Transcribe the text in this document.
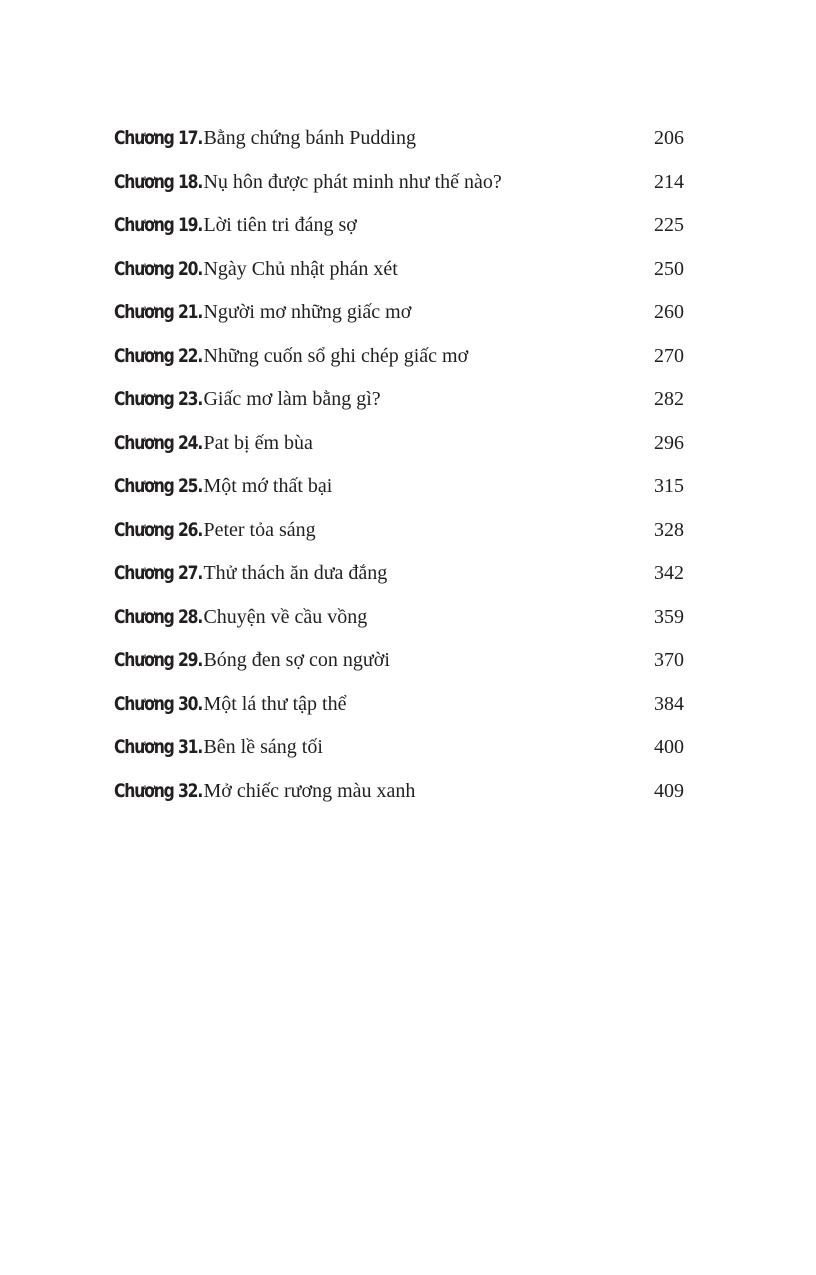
Chương 17. Bằng chứng bánh Pudding	206
Chương 18. Nụ hôn được phát minh như thế nào?	214
Chương 19. Lời tiên tri đáng sợ	225
Chương 20. Ngày Chủ nhật phán xét	250
Chương 21. Người mơ những giấc mơ	260
Chương 22. Những cuốn sổ ghi chép giấc mơ	270
Chương 23. Giấc mơ làm bằng gì?	282
Chương 24. Pat bị ếm bùa	296
Chương 25. Một mớ thất bại	315
Chương 26. Peter tỏa sáng	328
Chương 27. Thử thách ăn dưa đắng	342
Chương 28. Chuyện về cầu vồng	359
Chương 29. Bóng đen sợ con người	370
Chương 30. Một lá thư tập thể	384
Chương 31. Bên lề sáng tối	400
Chương 32. Mở chiếc rương màu xanh	409
